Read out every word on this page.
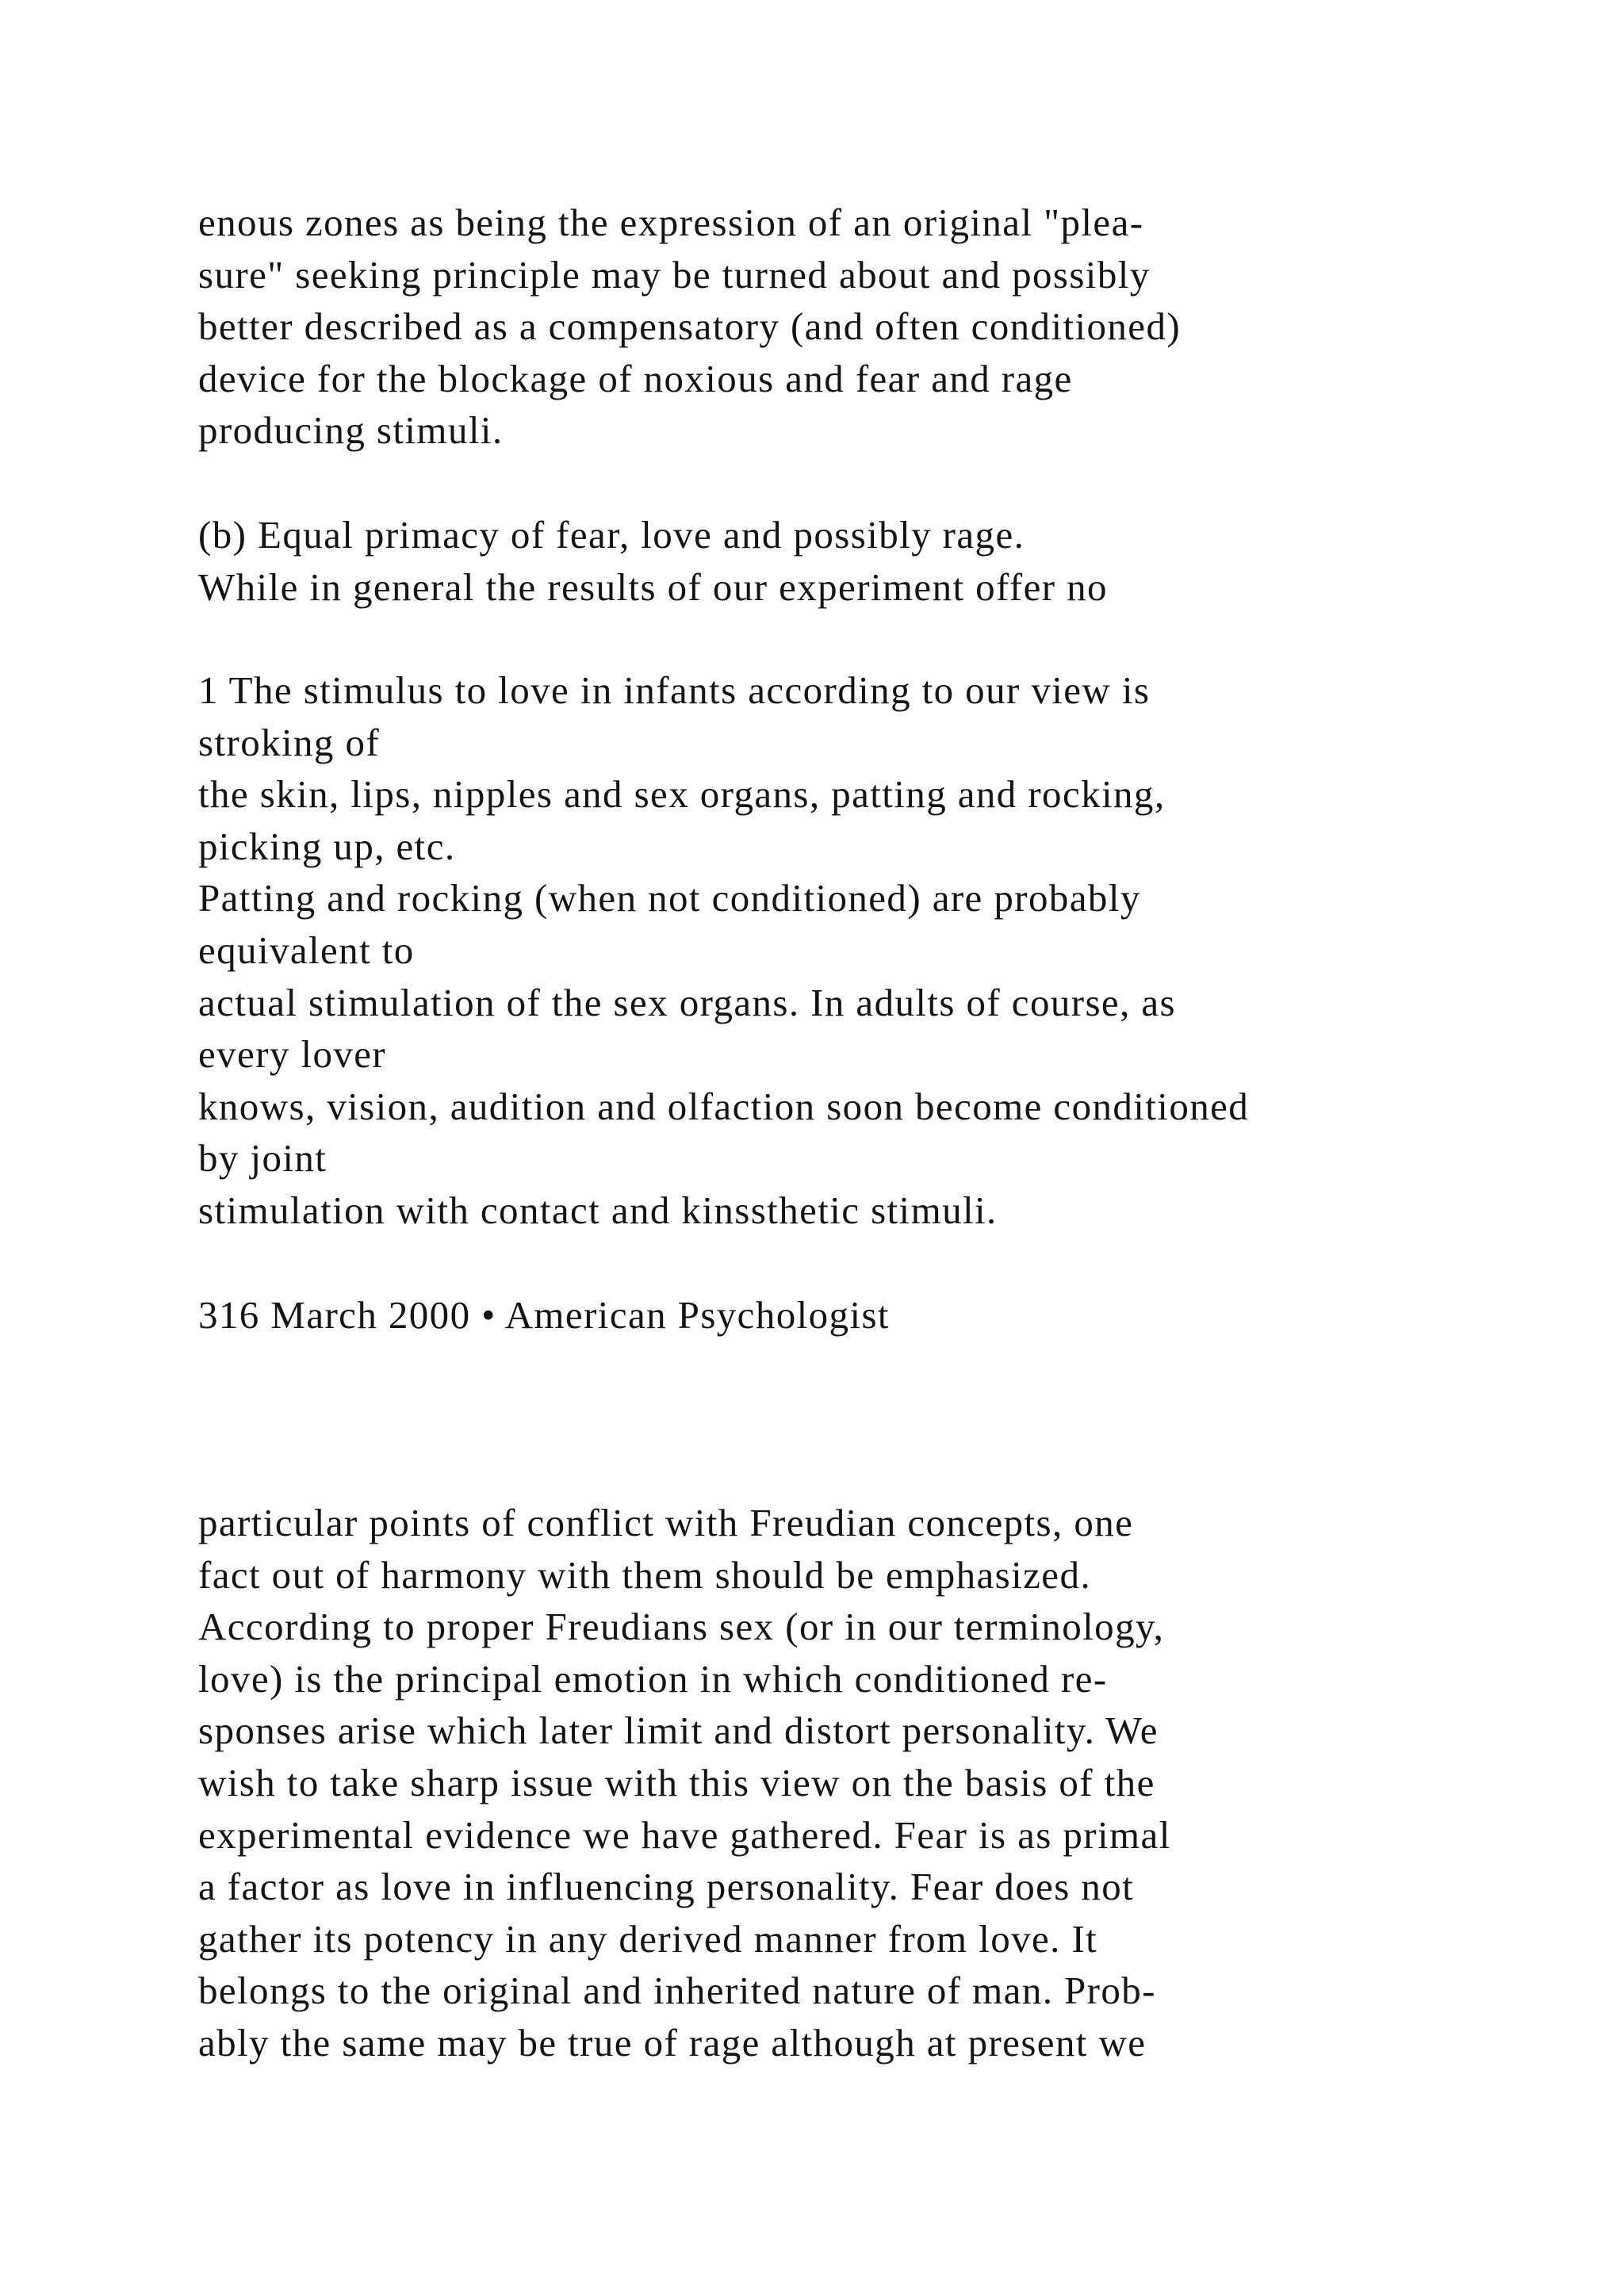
enous zones as being the expression of an original "plea-
sure" seeking principle may be turned about and possibly
better described as a compensatory (and often conditioned)
device for the blockage of noxious and fear and rage
producing stimuli.
(b) Equal primacy of fear, love and possibly rage.
While in general the results of our experiment offer no
1 The stimulus to love in infants according to our view is
stroking of
the skin, lips, nipples and sex organs, patting and rocking,
picking up, etc.
Patting and rocking (when not conditioned) are probably
equivalent to
actual stimulation of the sex organs. In adults of course, as
every lover
knows, vision, audition and olfaction soon become conditioned
by joint
stimulation with contact and kinssthetic stimuli.
316 March 2000 • American Psychologist
particular points of conflict with Freudian concepts, one
fact out of harmony with them should be emphasized.
According to proper Freudians sex (or in our terminology,
love) is the principal emotion in which conditioned re-
sponses arise which later limit and distort personality. We
wish to take sharp issue with this view on the basis of the
experimental evidence we have gathered. Fear is as primal
a factor as love in influencing personality. Fear does not
gather its potency in any derived manner from love. It
belongs to the original and inherited nature of man. Prob-
ably the same may be true of rage although at present we
